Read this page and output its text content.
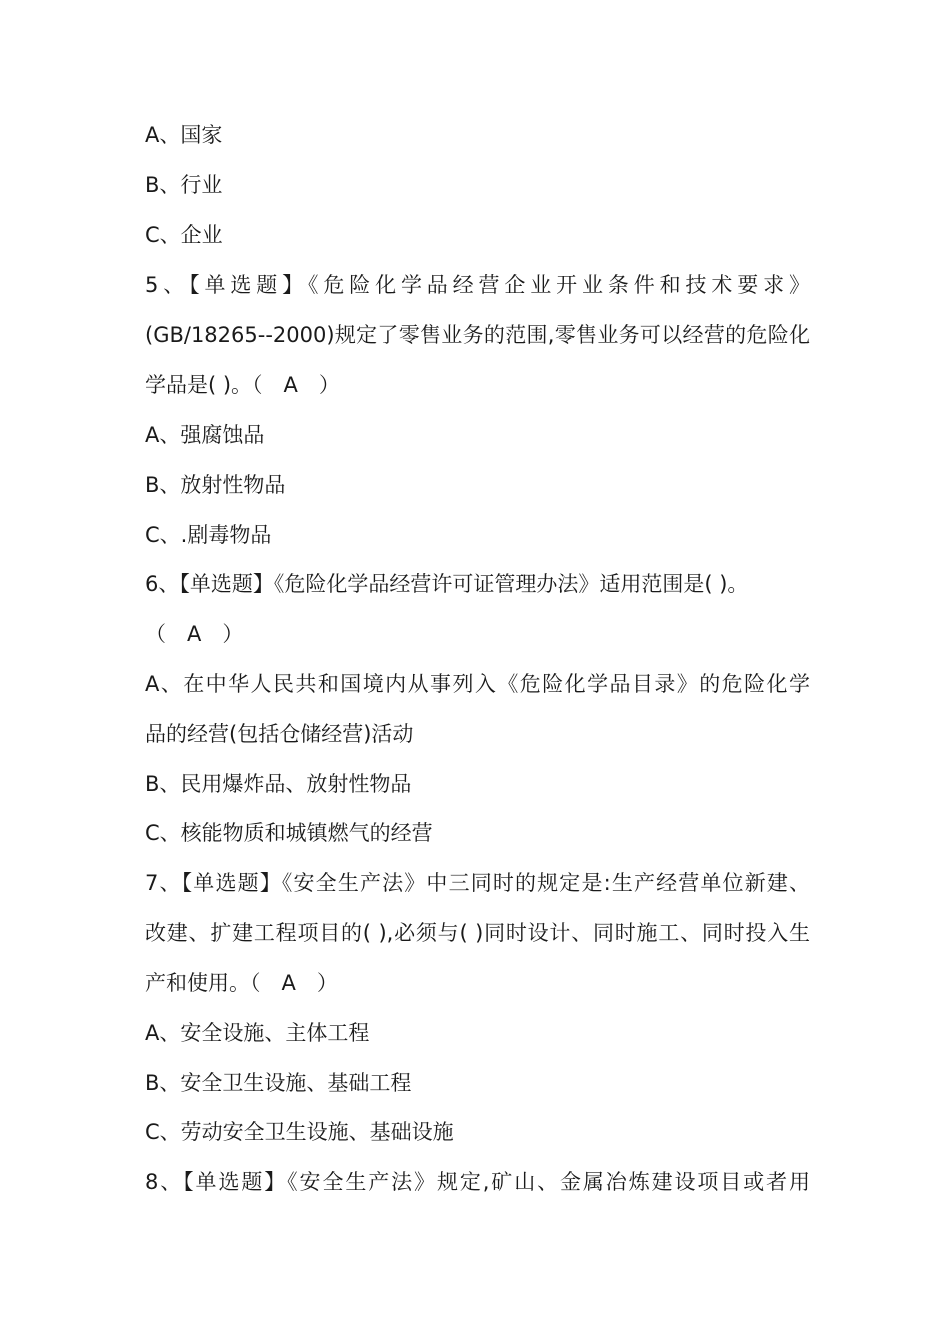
A、国家
B、行业
C、企业
5、【单选题】《危险化学品经营企业开业条件和技术要求》
(GB/18265--2000)规定了零售业务的范围,零售业务可以经营的危险化
学品是( )。（　A　）
A、强腐蚀品
B、放射性物品
C、.剧毒物品
6、【单选题】《危险化学品经营许可证管理办法》适用范围是( )。
（　A　）
A、在中华人民共和国境内从事列入《危险化学品目录》的危险化学
品的经营(包括仓储经营)活动
B、民用爆炸品、放射性物品
C、核能物质和城镇燃气的经营
7、【单选题】《安全生产法》中三同时的规定是:生产经营单位新建、
改建、扩建工程项目的( ),必须与( )同时设计、同时施工、同时投入生
产和使用。（　A　）
A、安全设施、主体工程
B、安全卫生设施、基础工程
C、劳动安全卫生设施、基础设施
8、【单选题】《安全生产法》规定,矿山、金属冶炼建设项目或者用
